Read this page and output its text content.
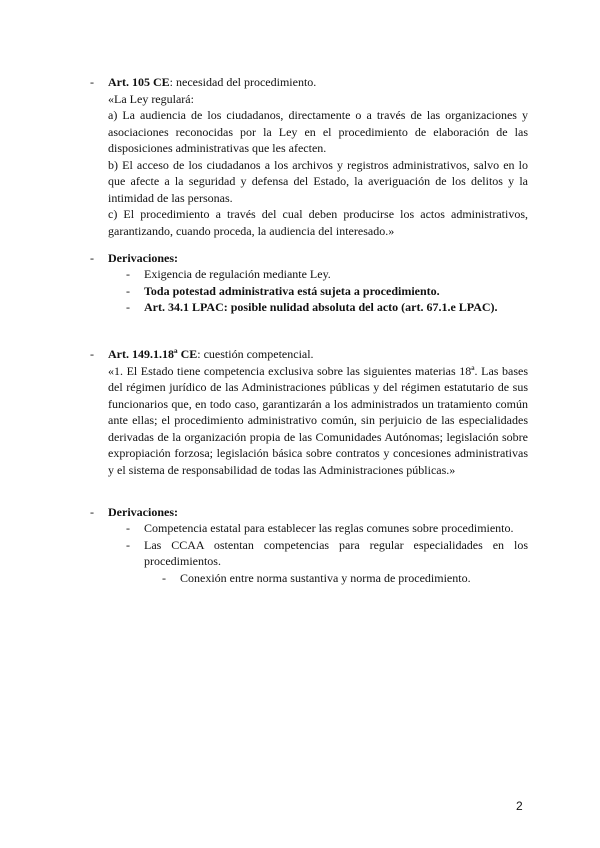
-	Art. 105 CE: necesidad del procedimiento.
«La Ley regulará:
a) La audiencia de los ciudadanos, directamente o a través de las organizaciones y asociaciones reconocidas por la Ley en el procedimiento de elaboración de las disposiciones administrativas que les afecten.
b) El acceso de los ciudadanos a los archivos y registros administrativos, salvo en lo que afecte a la seguridad y defensa del Estado, la averiguación de los delitos y la intimidad de las personas.
c) El procedimiento a través del cual deben producirse los actos administrativos, garantizando, cuando proceda, la audiencia del interesado.»
-	Derivaciones:
- Exigencia de regulación mediante Ley.
- Toda potestad administrativa está sujeta a procedimiento.
- Art. 34.1 LPAC: posible nulidad absoluta del acto (art. 67.1.e LPAC).
-	Art. 149.1.18ª CE: cuestión competencial.
«1. El Estado tiene competencia exclusiva sobre las siguientes materias 18ª. Las bases del régimen jurídico de las Administraciones públicas y del régimen estatutario de sus funcionarios que, en todo caso, garantizarán a los administrados un tratamiento común ante ellas; el procedimiento administrativo común, sin perjuicio de las especialidades derivadas de la organización propia de las Comunidades Autónomas; legislación sobre expropiación forzosa; legislación básica sobre contratos y concesiones administrativas y el sistema de responsabilidad de todas las Administraciones públicas.»
-	Derivaciones:
- Competencia estatal para establecer las reglas comunes sobre procedimiento.
- Las CCAA ostentan competencias para regular especialidades en los procedimientos.
- Conexión entre norma sustantiva y norma de procedimiento.
2
